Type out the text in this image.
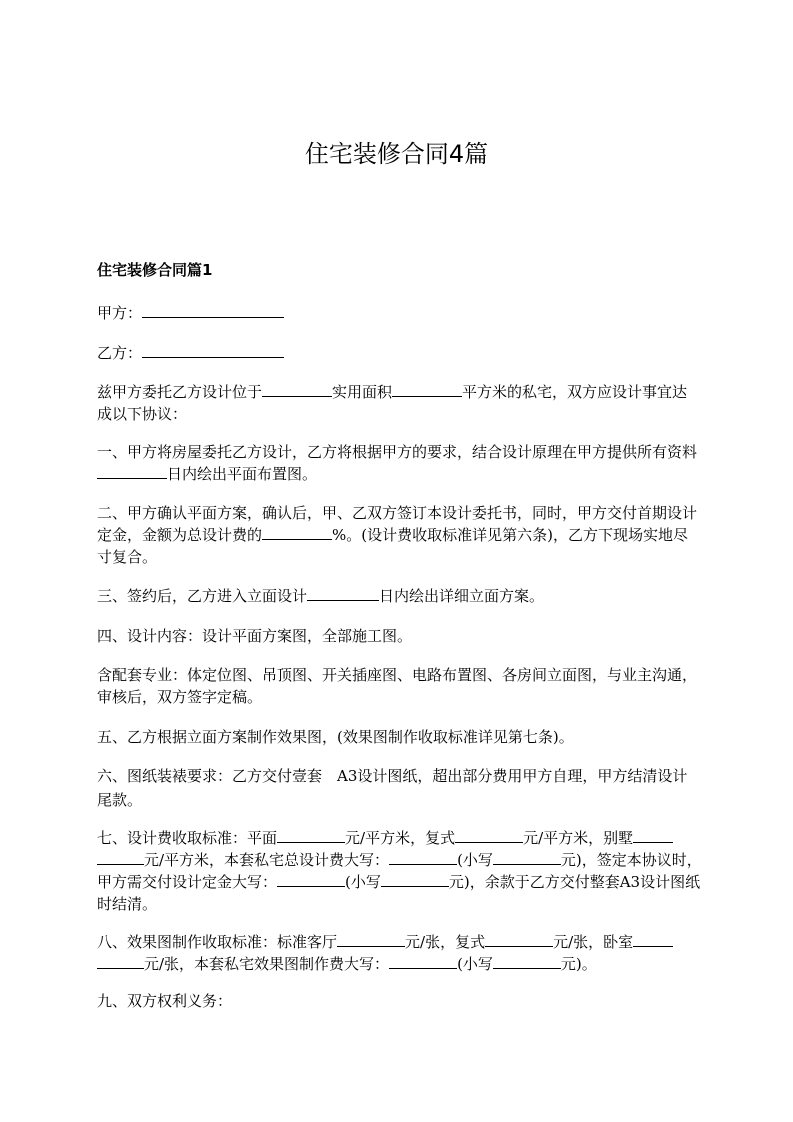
住宅装修合同4篇
住宅装修合同篇1
甲方：
乙方：
兹甲方委托乙方设计位于	实用面积	平方米的私宅，双方应设计事宜达成以下协议：
一、甲方将房屋委托乙方设计，乙方将根据甲方的要求，结合设计原理在甲方提供所有资料日内绘出平面布置图。
二、甲方确认平面方案，确认后，甲、乙双方签订本设计委托书，同时，甲方交付首期设计定金，金额为总设计费的	%。(设计费收取标准详见第六条)，乙方下现场实地尽寸复合。
三、签约后，乙方进入立面设计	日内绘出详细立面方案。
四、设计内容：设计平面方案图，全部施工图。
含配套专业：体定位图、吊顶图、开关插座图、电路布置图、各房间立面图，与业主沟通，审核后，双方签字定稿。
五、乙方根据立面方案制作效果图，(效果图制作收取标准详见第七条)。
六、图纸装裱要求：乙方交付壹套　A3设计图纸，超出部分费用甲方自理，甲方结清设计尾款。
七、设计费收取标准：平面	元/平方米，复式	元/平方米，别墅元/平方米，本套私宅总设计费大写：	(小写	元)，签定本协议时，甲方需交付设计定金大写：	(小写	元)，余款于乙方交付整套A3设计图纸时结清。
八、效果图制作收取标准：标准客厅	元/张，复式	元/张，卧室元/张，本套私宅效果图制作费大写：	(小写	元)。
九、双方权利义务：
